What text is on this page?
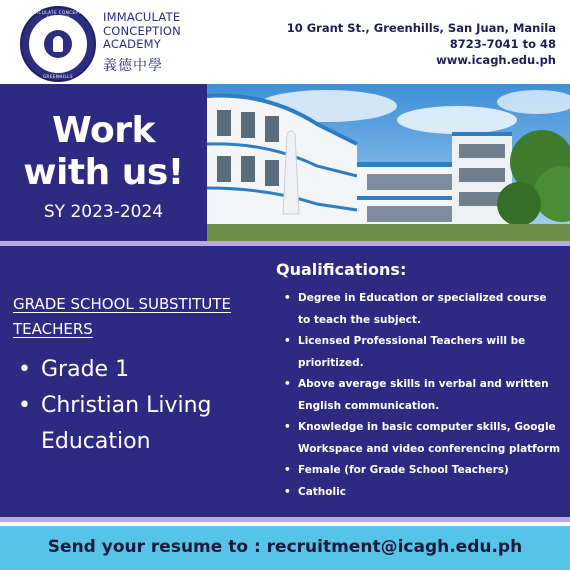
IMMACULATE CONCEPTION
GREENHILLS
IMMACULATE
CONCEPTION
ACADEMY
義德中學
10 Grant St., Greenhills, San Juan, Manila
8723-7041 to 48
www.icagh.edu.ph
Work
with us!
SY 2023-2024
GRADE SCHOOL SUBSTITUTE TEACHERS
• Grade 1
• Christian Living Education
Qualifications:
• Degree in Education or specialized course to teach the subject.
• Licensed Professional Teachers will be prioritized.
• Above average skills in verbal and written English communication.
• Knowledge in basic computer skills, Google Workspace and video conferencing platform
• Female (for Grade School Teachers)
• Catholic
Send your resume to : recruitment@icagh.edu.ph
